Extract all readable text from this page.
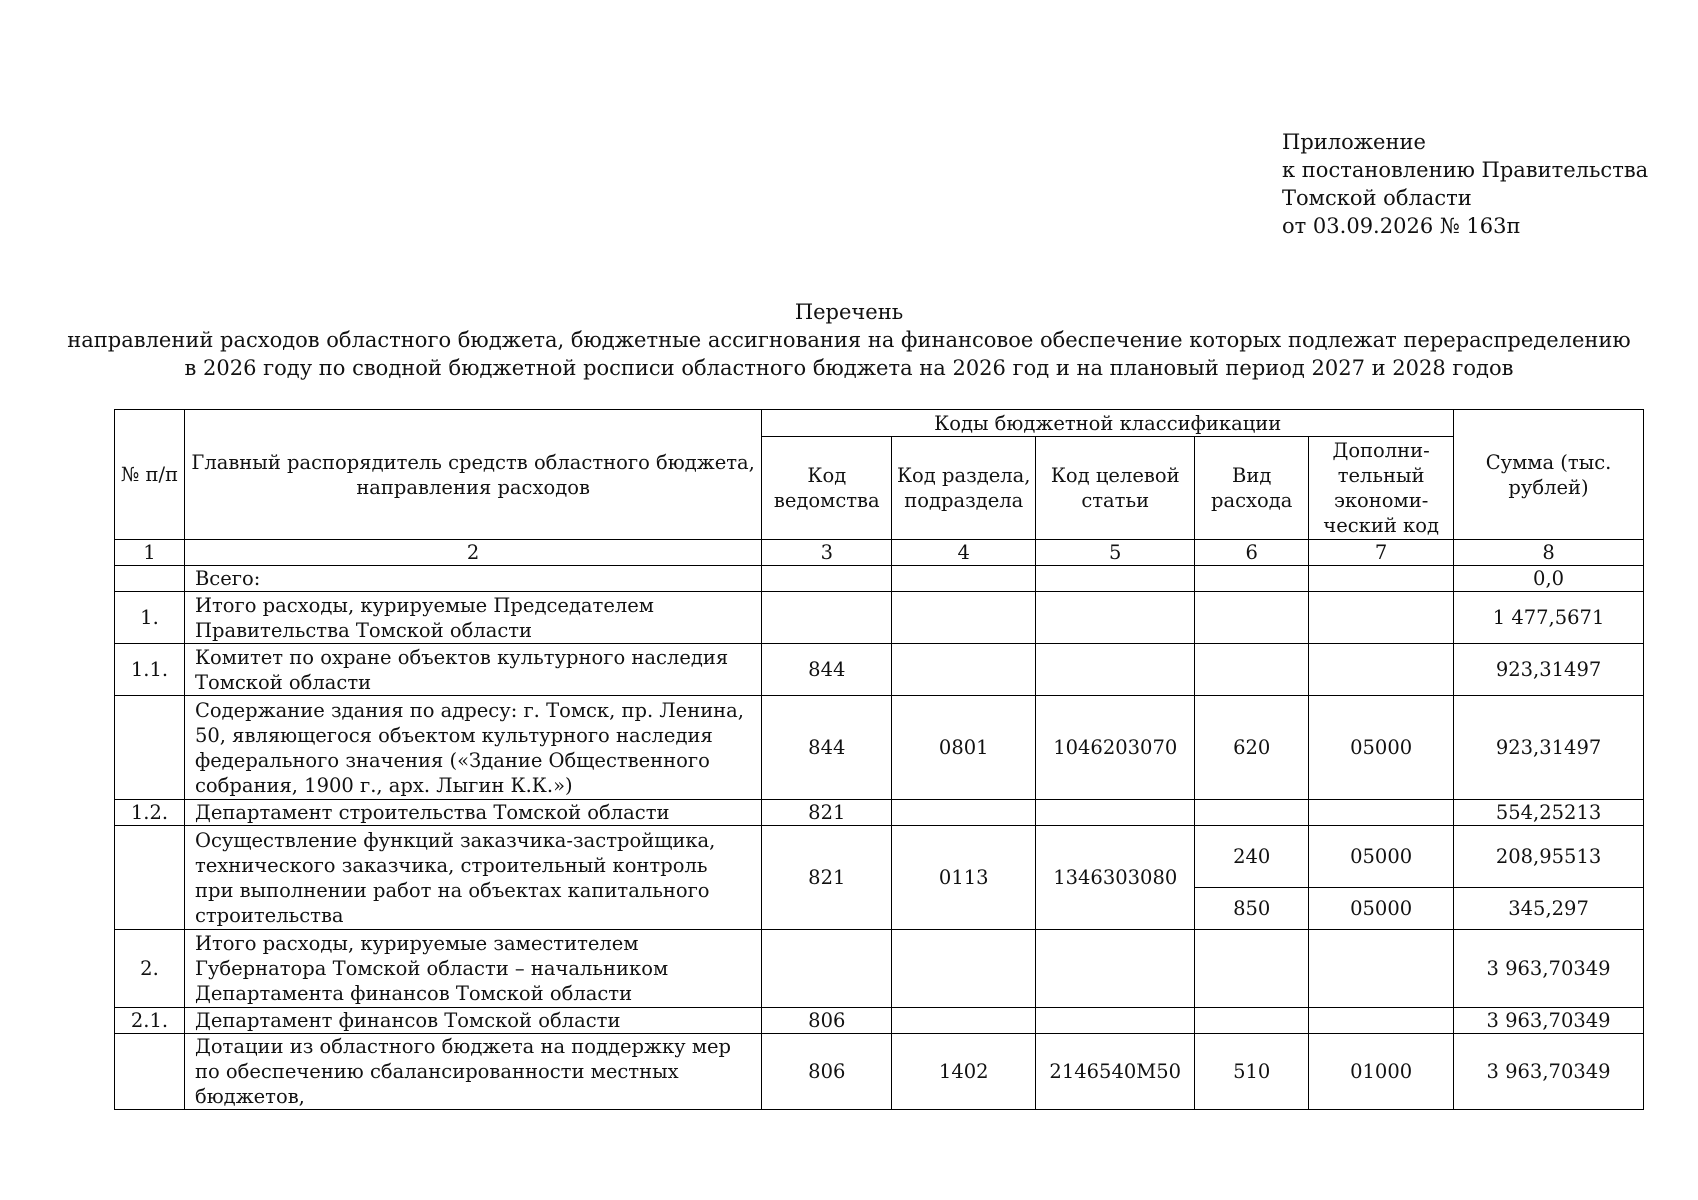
Приложение
к постановлению Правительства
Томской области
от 03.09.2026 № 163п
Перечень
направлений расходов областного бюджета, бюджетные ассигнования на финансовое обеспечение которых подлежат перераспределению
в 2026 году по сводной бюджетной росписи областного бюджета на 2026 год и на плановый период 2027 и 2028 годов
№ п/п	Главный распорядитель средств областного бюджета, направления расходов	Коды бюджетной классификации					Сумма (тыс. рублей)
		Код ведомства	Код раздела, подраздела	Код целевой статьи	Вид расхода	Дополни-тельный экономи-ческий код	
1	2	3	4	5	6	7	8
	Всего:						0,0
1.	Итого расходы, курируемые Председателем Правительства Томской области						1 477,5671
1.1.	Комитет по охране объектов культурного наследия Томской области	844					923,31497
	Содержание здания по адресу: г. Томск, пр. Ленина, 50, являющегося объектом культурного наследия федерального значения («Здание Общественного собрания, 1900 г., арх. Лыгин К.К.»)	844	0801	1046203070	620	05000	923,31497
1.2.	Департамент строительства Томской области	821					554,25213
	Осуществление функций заказчика-застройщика, технического заказчика, строительный контроль при выполнении работ на объектах капитального строительства	821	0113	1346303080	240	05000	208,95513
					850	05000	345,297
2.	Итого расходы, курируемые заместителем Губернатора Томской области – начальником Департамента финансов Томской области						3 963,70349
2.1.	Департамент финансов Томской области	806					3 963,70349
	Дотации из областного бюджета на поддержку мер по обеспечению сбалансированности местных бюджетов,	806	1402	2146540M50	510	01000	3 963,70349
